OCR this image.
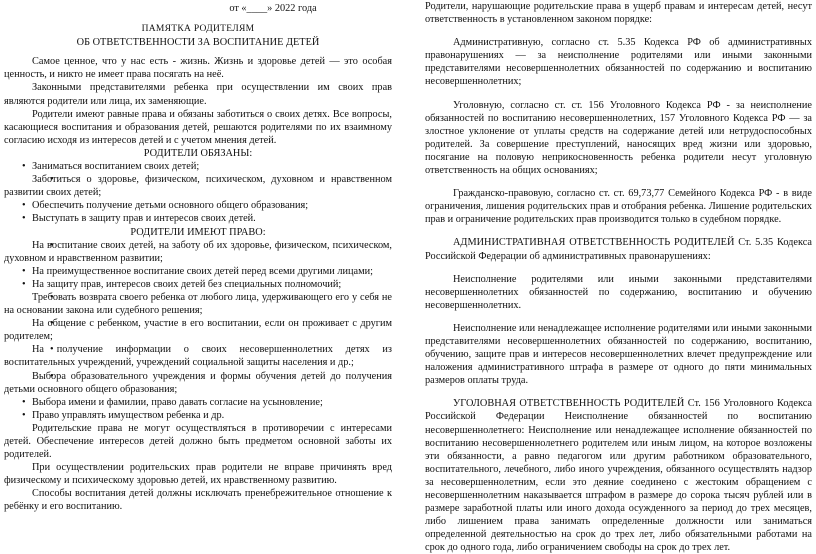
от «____» 2022 года

ПАМЯТКА РОДИТЕЛЯМ

ОБ ОТВЕТСТВЕННОСТИ ЗА ВОСПИТАНИЕ ДЕТЕЙ

Самое ценное, что у нас есть - жизнь. Жизнь и здоровье детей — это особая ценность, и никто не имеет права посягать на неё.

Законными представителями ребенка при осуществлении им своих прав являются родители или лица, их заменяющие.

Родители имеют равные права и обязаны заботиться о своих детях. Все вопросы, касающиеся воспитания и образования детей, решаются родителями по их взаимному согласию исходя из интересов детей и с учетом мнения детей.

РОДИТЕЛИ ОБЯЗАНЫ:

• Заниматься воспитанием своих детей;

• Заботиться о здоровье, физическом, психическом, духовном и нравственном развитии своих детей;

• Обеспечить получение детьми основного общего образования;

• Выступать в защиту прав и интересов своих детей.

РОДИТЕЛИ ИМЕЮТ ПРАВО:

• На воспитание своих детей, на заботу об их здоровье, физическом, психическом, духовном и нравственном развитии;

• На преимущественное воспитание своих детей перед всеми другими лицами;

• На защиту прав, интересов своих детей без специальных полномочий;

• Требовать возврата своего ребенка от любого лица, удерживающего его у себя не на основании закона или судебного решения;

• На общение с ребенком, участие в его воспитании, если он проживает с другим родителем;

• На получение информации о своих несовершеннолетних детях из воспитательных учреждений, учреждений социальной защиты населения и др.;

• Выбора образовательного учреждения и формы обучения детей до получения детьми основного общего образования;

• Выбора имени и фамилии, право давать согласие на усыновление;

• Право управлять имуществом ребенка и др.

Родительские права не могут осуществляться в противоречии с интересами детей. Обеспечение интересов детей должно быть предметом основной заботы их родителей.

При осуществлении родительских прав родители не вправе причинять вред физическому и психическому здоровью детей, их нравственному развитию.

Способы воспитания детей должны исключать пренебрежительное отношение к ребёнку и его воспитанию.

Родители, нарушающие родительские права в ущерб правам и интересам детей, несут ответственность в установленном законом порядке:

Административную, согласно ст. 5.35 Кодекса РФ об административных правонарушениях — за неисполнение родителями или иными законными представителями несовершеннолетних обязанностей по содержанию и воспитанию несовершеннолетних;

Уголовную, согласно ст. ст. 156 Уголовного Кодекса РФ - за неисполнение обязанностей по воспитанию несовершеннолетних, 157 Уголовного Кодекса РФ — за злостное уклонение от уплаты средств на содержание детей или нетрудоспособных родителей. За совершение преступлений, наносящих вред жизни или здоровью, посягание на половую неприкосновенность ребенка родители несут уголовную ответственность на общих основаниях;

Гражданско-правовую, согласно ст. ст. 69,73,77 Семейного Кодекса РФ - в виде ограничения, лишения родительских прав и отобрания ребенка. Лишение родительских прав и ограничение родительских прав производится только в судебном порядке.

АДМИНИСТРАТИВНАЯ ОТВЕТСТВЕННОСТЬ РОДИТЕЛЕЙ Ст. 5.35 Кодекса Российской Федерации об административных правонарушениях:

Неисполнение родителями или иными законными представителями несовершеннолетних обязанностей по содержанию, воспитанию и обучению несовершеннолетних.

Неисполнение или ненадлежащее исполнение родителями или иными законными представителями несовершеннолетних обязанностей по содержанию, воспитанию, обучению, защите прав и интересов несовершеннолетних влечет предупреждение или наложения административного штрафа в размере от одного до пяти минимальных размеров оплаты труда.

УГОЛОВНАЯ ОТВЕТСТВЕННОСТЬ РОДИТЕЛЕЙ Ст. 156 Уголовного Кодекса Российской Федерации Неисполнение обязанностей по воспитанию несовершеннолетнего: Неисполнение или ненадлежащее исполнение обязанностей по воспитанию несовершеннолетнего родителем или иным лицом, на которое возложены эти обязанности, а равно педагогом или другим работником образовательного, воспитательного, лечебного, либо иного учреждения, обязанного осуществлять надзор за несовершеннолетним, если это деяние соединено с жестоким обращением с несовершеннолетним наказывается штрафом в размере до сорока тысяч рублей или в размере заработной платы или иного дохода осужденного за период до трех месяцев, либо лишением права занимать определенные должности или заниматься определенной деятельностью на срок до трех лет, либо обязательными работами на срок до одного года, либо ограничением свободы на срок до трех лет.
